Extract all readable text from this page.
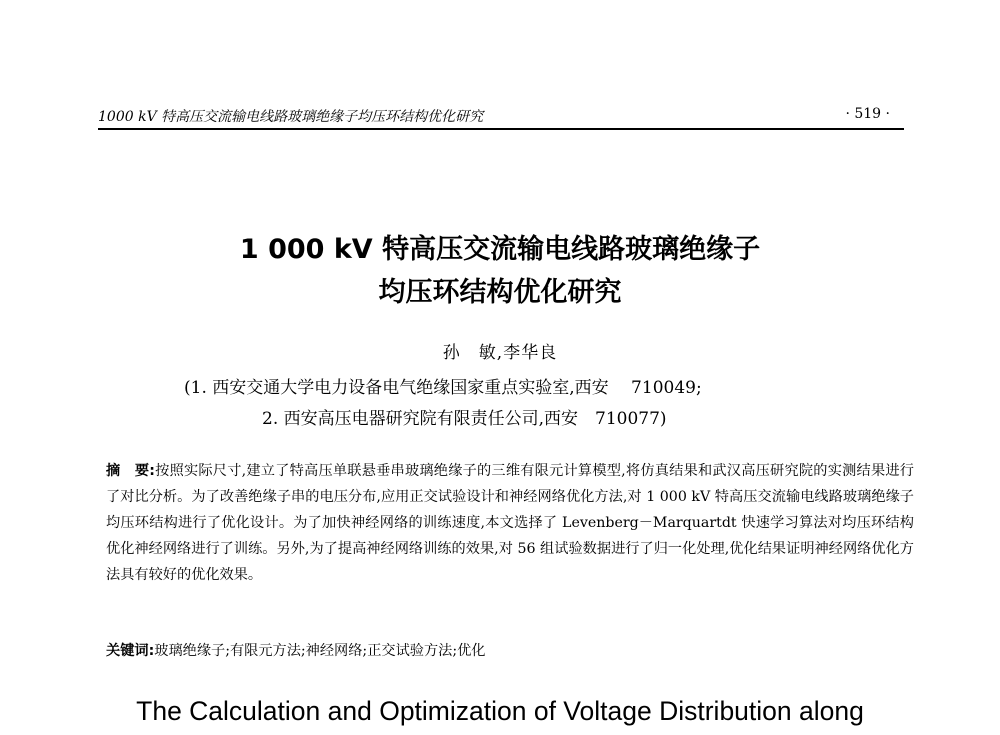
1000 kV 特高压交流输电线路玻璃绝缘子均压环结构优化研究	· 519 ·
1 000 kV 特高压交流输电线路玻璃绝缘子
均压环结构优化研究
孙　敏,李华良
(1. 西安交通大学电力设备电气绝缘国家重点实验室,西安　 710049;
2. 西安高压电器研究院有限责任公司,西安　710077)

摘　要:按照实际尺寸,建立了特高压单联悬垂串玻璃绝缘子的三维有限元计算模型,将仿真结果和武汉高压研究院的实测结果进行了对比分析。为了改善绝缘子串的电压分布,应用正交试验设计和神经网络优化方法,对 1 000 kV 特高压交流输电线路玻璃绝缘子均压环结构进行了优化设计。为了加快神经网络的训练速度,本文选择了 Levenberg－Marquartdt 快速学习算法对均压环结构优化神经网络进行了训练。另外,为了提高神经网络训练的效果,对 56 组试验数据进行了归一化处理,优化结果证明神经网络优化方法具有较好的优化效果。

关键词:玻璃绝缘子;有限元方法;神经网络;正交试验方法;优化
The Calculation and Optimization of Voltage Distribution along
